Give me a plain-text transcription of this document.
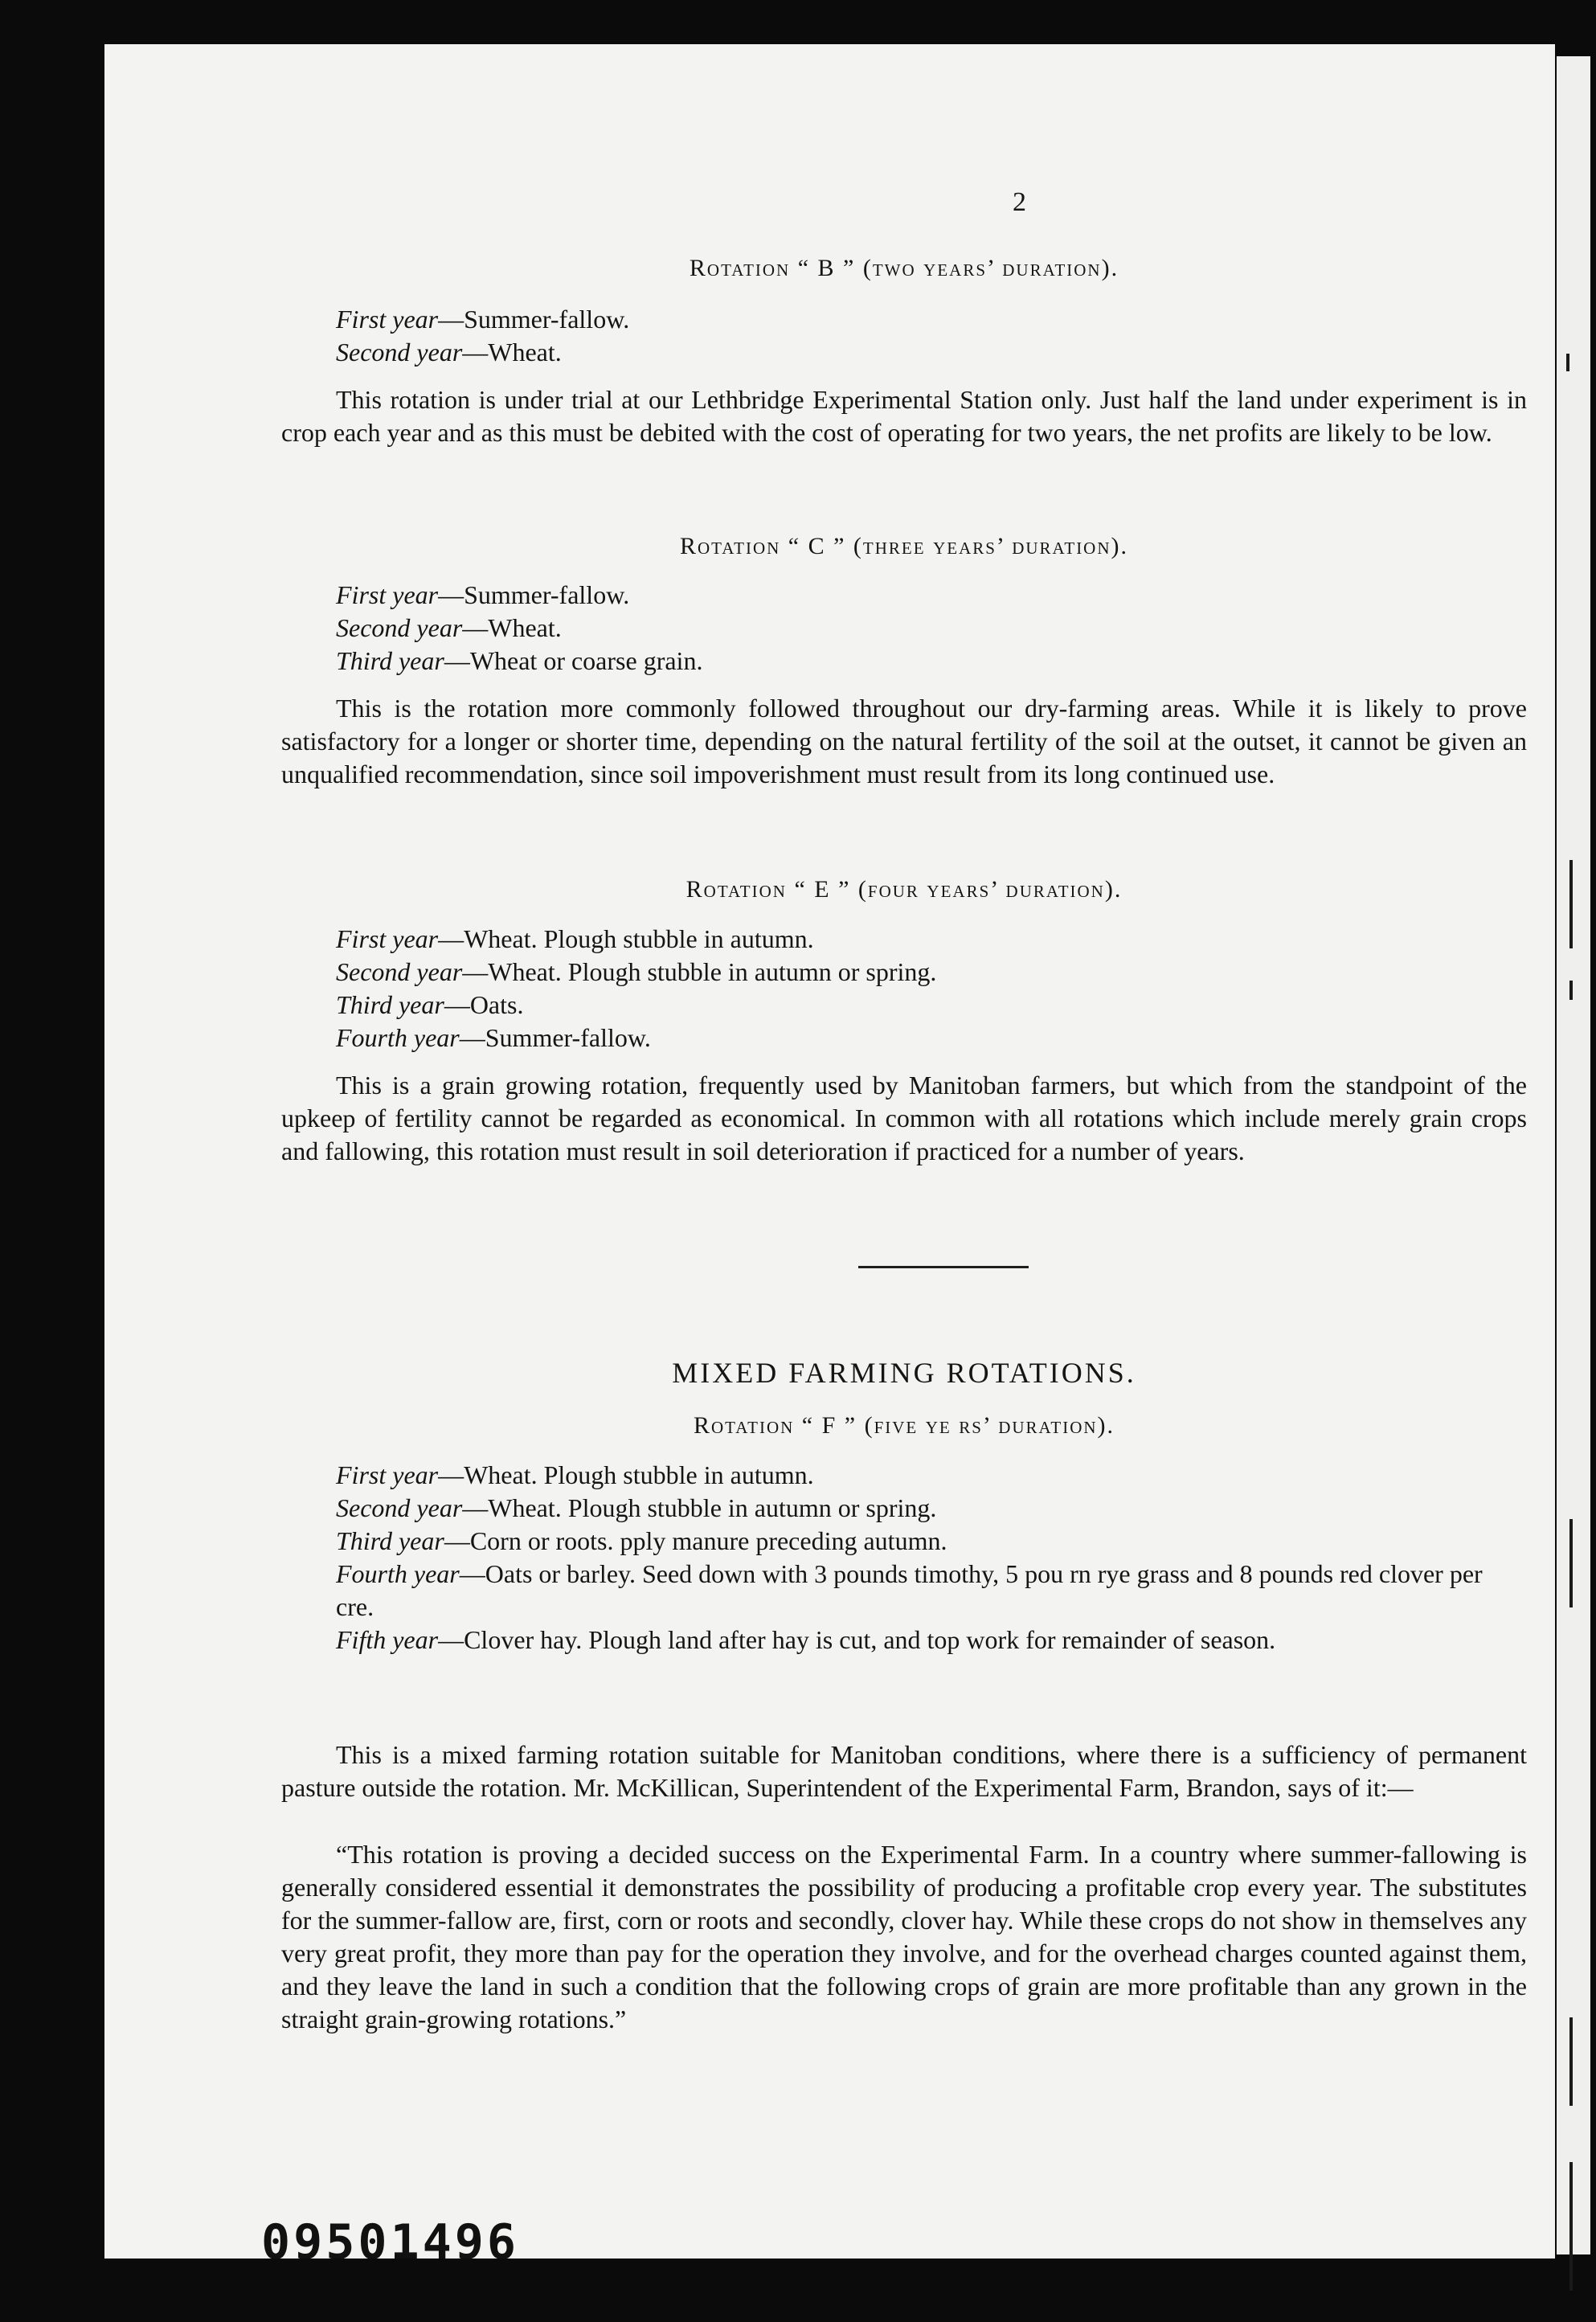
2
Rotation “ B ” (two years’ duration).
First year—Summer-fallow.
Second year—Wheat.

This rotation is under trial at our Lethbridge Experimental Station only. Just half the land under experiment is in crop each year and as this must be debited with the cost of operating for two years, the net profits are likely to be low.

Rotation “ C ” (three years’ duration).
First year—Summer-fallow.
Second year—Wheat.
Third year—Wheat or coarse grain.

This is the rotation more commonly followed throughout our dry-farming areas. While it is likely to prove satisfactory for a longer or shorter time, depending on the natural fertility of the soil at the outset, it cannot be given an unqualified recommendation, since soil impoverishment must result from its long continued use.

Rotation “ E ” (four years’ duration).
First year—Wheat. Plough stubble in autumn.
Second year—Wheat. Plough stubble in autumn or spring.
Third year—Oats.
Fourth year—Summer-fallow.

This is a grain growing rotation, frequently used by Manitoban farmers, but which from the standpoint of the upkeep of fertility cannot be regarded as economical. In common with all rotations which include merely grain crops and fallowing, this rotation must result in soil deterioration if practiced for a number of years.

MIXED FARMING ROTATIONS.
Rotation “ F ” (five ye rs’ duration).
First year—Wheat. Plough stubble in autumn.
Second year—Wheat. Plough stubble in autumn or spring.
Third year—Corn or roots. pply manure preceding autumn.
Fourth year—Oats or barley. Seed down with 3 pounds timothy, 5 pou rn rye grass and 8 pounds red clover per cre.
Fifth year—Clover hay. Plough land after hay is cut, and top work for remainder of season.

This is a mixed farming rotation suitable for Manitoban conditions, where there is a sufficiency of permanent pasture outside the rotation. Mr. McKillican, Superintendent of the Experimental Farm, Brandon, says of it:—

“This rotation is proving a decided success on the Experimental Farm. In a country where summer-fallowing is generally considered essential it demonstrates the possibility of producing a profitable crop every year. The substitutes for the summer-fallow are, first, corn or roots and secondly, clover hay. While these crops do not show in themselves any very great profit, they more than pay for the operation they involve, and for the overhead charges counted against them, and they leave the land in such a condition that the following crops of grain are more profitable than any grown in the straight grain-growing rotations.”

09501496
